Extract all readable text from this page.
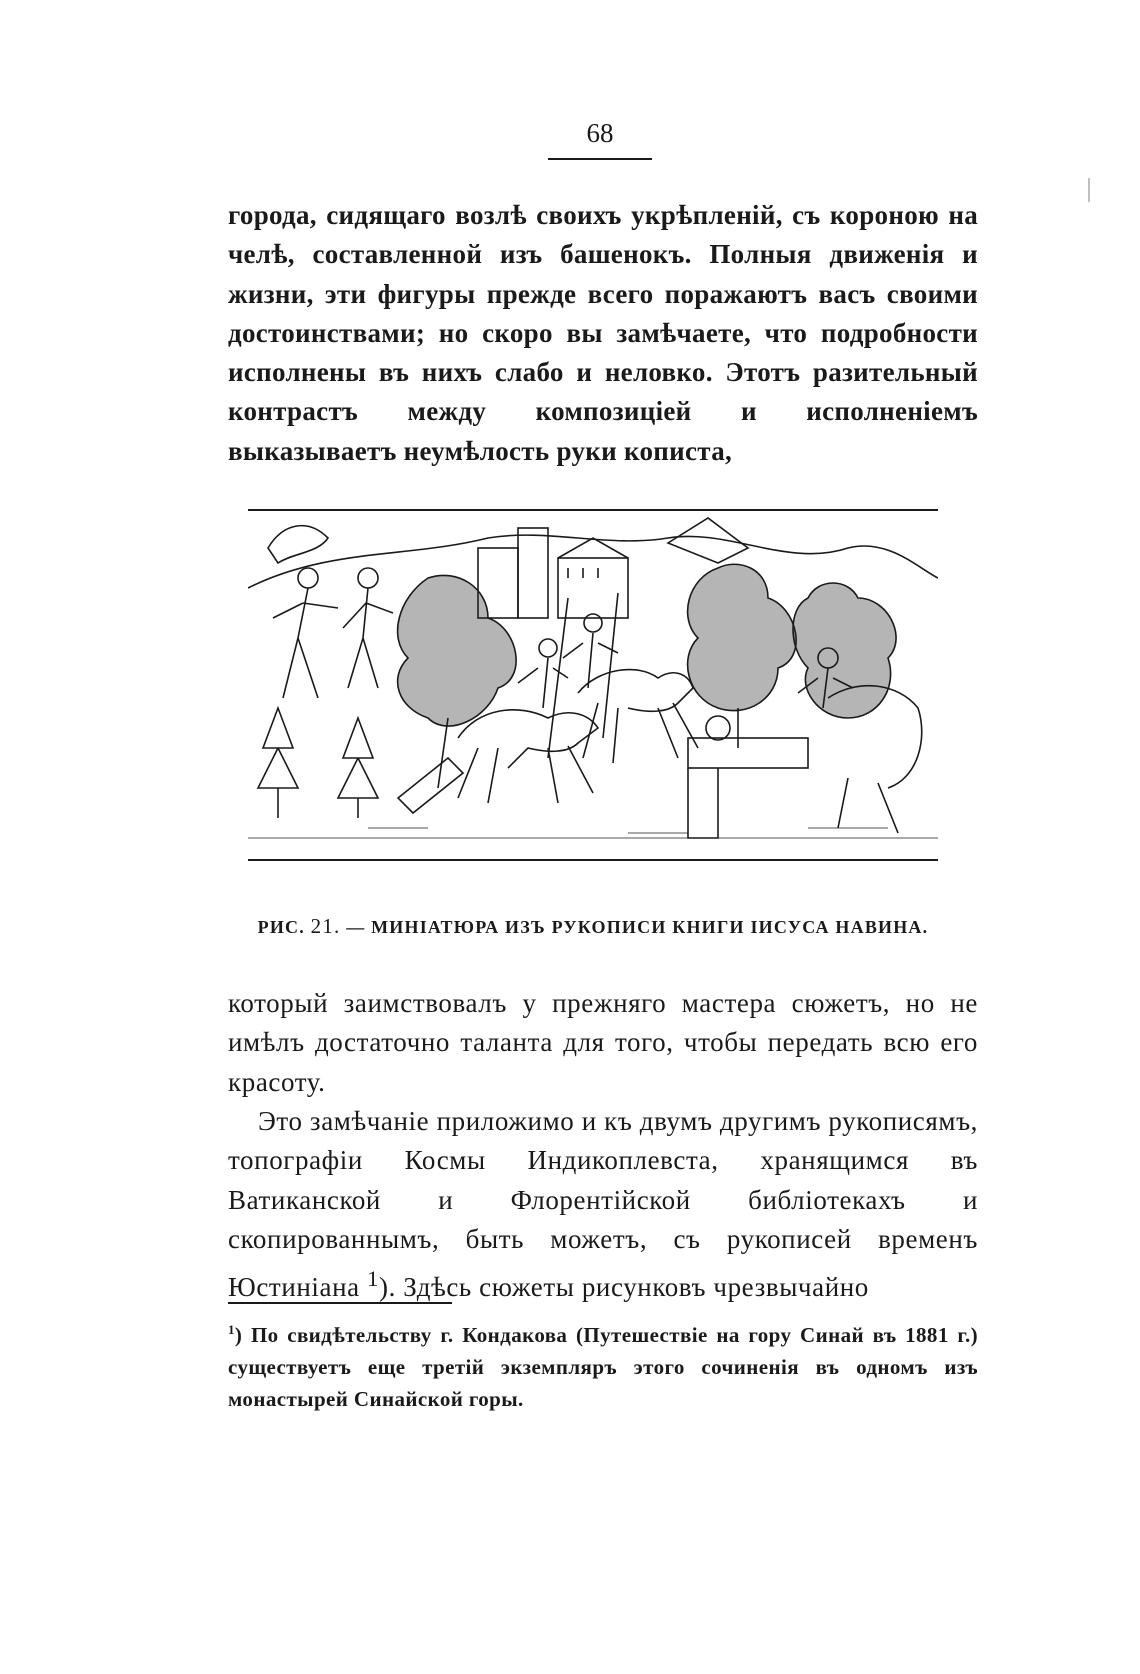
68
города, сидящаго возлѣ своихъ укрѣпленій, съ короною на челѣ, составленной изъ башенокъ. Полныя движенія и жизни, эти фигуры прежде всего поражаютъ васъ своими достоинствами; но скоро вы замѣчаете, что подробности исполнены въ нихъ слабо и неловко. Этотъ разительный контрастъ между композиціей и исполненіемъ выказываетъ неумѣлость руки кописта,
РИС. 21. — МИНІАТЮРА ИЗЪ РУКОПИСИ КНИГИ ІИСУСА НАВИНА.
который заимствовалъ у прежняго мастера сюжетъ, но не имѣлъ достаточно таланта для того, чтобы передать всю его красоту.
Это замѣчаніе приложимо и къ двумъ другимъ рукописямъ, топографіи Космы Индикоплевста, хранящимся въ Ватиканской и Флорентійской библіотекахъ и скопированнымъ, быть можетъ, съ рукописей временъ Юстиніана $^1$). Здѣсь сюжеты рисунковъ чрезвычайно
$^1$) По свидѣтельству г. Кондакова (Путешествіе на гору Синай въ 1881 г.) существуетъ еще третій экземпляръ этого сочиненія въ одномъ изъ монастырей Синайской горы.
